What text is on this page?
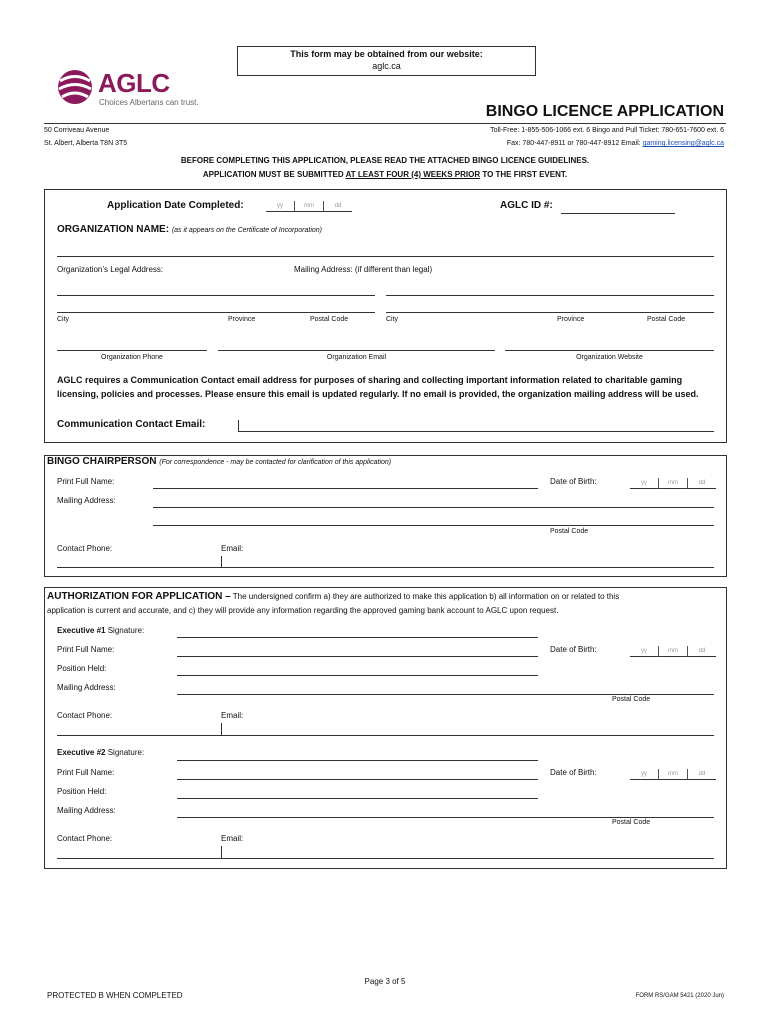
This form may be obtained from our website:
aglc.ca
AGLC
Choices Albertans can trust.
BINGO LICENCE APPLICATION
50 Corriveau Avenue
St. Albert, Alberta T8N 3T5
Toll-Free: 1-855-506-1066 ext. 6 Bingo and Pull Ticket: 780-651-7600 ext. 6
Fax: 780-447-8911 or 780-447-8912 Email: gaming.licensing@aglc.ca
BEFORE COMPLETING THIS APPLICATION, PLEASE READ THE ATTACHED BINGO LICENCE GUIDELINES.
APPLICATION MUST BE SUBMITTED AT LEAST FOUR (4) WEEKS PRIOR TO THE FIRST EVENT.
Application Date Completed:	yy	mm	dd	AGLC ID #:
ORGANIZATION NAME: (as it appears on the Certificate of Incorporation)
Organization’s Legal Address:	Mailing Address: (if different than legal)
City	Province	Postal Code	City	Province	Postal Code
Organization Phone	Organization Email	Organization Website
AGLC requires a Communication Contact email address for purposes of sharing and collecting important information related to charitable gaming licensing, policies and processes. Please ensure this email is updated regularly. If no email is provided, the organization mailing address will be used.
Communication Contact Email:
BINGO CHAIRPERSON (For correspondence - may be contacted for clarification of this application)
Print Full Name:	Date of Birth:	yy	mm	dd
Mailing Address:
Postal Code
Contact Phone:	Email:
AUTHORIZATION FOR APPLICATION – The undersigned confirm a) they are authorized to make this application b) all information on or related to this
application is current and accurate, and c) they will provide any information regarding the approved gaming bank account to AGLC upon request.
Executive #1 Signature:
Print Full Name:	Date of Birth:	yy	mm	dd
Position Held:
Mailing Address:
Postal Code
Contact Phone:	Email:
Executive #2 Signature:
Print Full Name:	Date of Birth:	yy	mm	dd
Position Held:
Mailing Address:
Postal Code
Contact Phone:	Email:
Page 3 of 5
PROTECTED B WHEN COMPLETED	FORM RS/GAM 5421 (2020 Jun)
